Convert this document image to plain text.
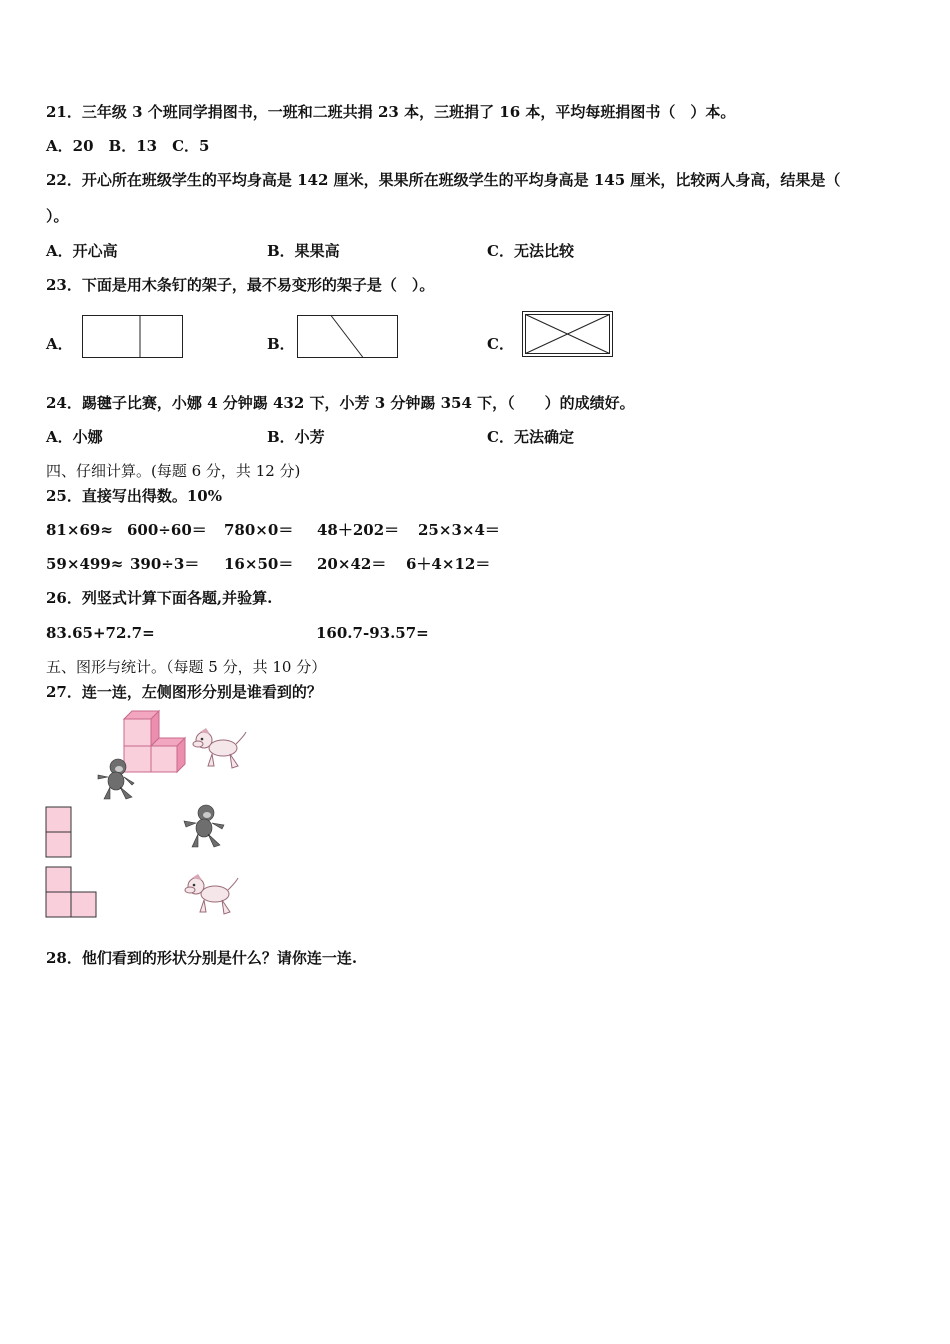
21．三年级 3 个班同学捐图书，一班和二班共捐 23 本，三班捐了 16 本，平均每班捐图书（　）本。
A．20　B．13　C．5
22．开心所在班级学生的平均身高是 142 厘米，果果所在班级学生的平均身高是 145 厘米，比较两人身高，结果是（
）。
A．开心高	B．果果高	C．无法比较
23．下面是用木条钉的架子，最不易变形的架子是（　）。
A．	B．	C．
24．踢毽子比赛，小娜 4 分钟踢 432 下，小芳 3 分钟踢 354 下，（　　）的成绩好。
A．小娜	B．小芳	C．无法确定
四、仔细计算。(每题 6 分，共 12 分)
25．直接写出得数。10%
81×69≈ 600÷60＝ 780×0＝ 48＋202＝ 25×3×4＝
59×499≈ 390÷3＝ 16×50＝ 20×42＝ 6＋4×12＝
26．列竖式计算下面各题,并验算.
83.65+72.7=	160.7-93.57=
五、图形与统计。（每题 5 分，共 10 分）
27．连一连，左侧图形分别是谁看到的？
28．他们看到的形状分别是什么？请你连一连.
